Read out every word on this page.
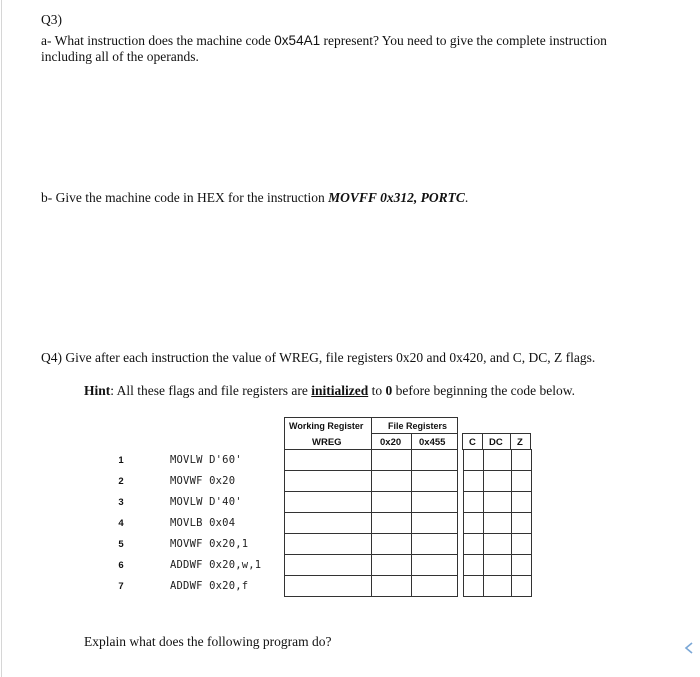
Q3)
a- What instruction does the machine code 0x54A1 represent? You need to give the complete instruction
including all of the operands.
b- Give the machine code in HEX for the instruction MOVFF 0x312, PORTC.
Q4) Give after each instruction the value of WREG, file registers 0x20 and 0x420, and C, DC, Z flags.
Hint: All these flags and file registers are initialized to 0 before beginning the code below.
Working Register	File Registers
WREG	0x20 0x455 C DC Z

1	MOVLW D'60'
2	MOVWF 0x20
3	MOVLW D'40'
4	MOVLB 0x04
5	MOVWF 0x20,1
6	ADDWF 0x20,w,1
7	ADDWF 0x20,f
Explain what does the following program do?
